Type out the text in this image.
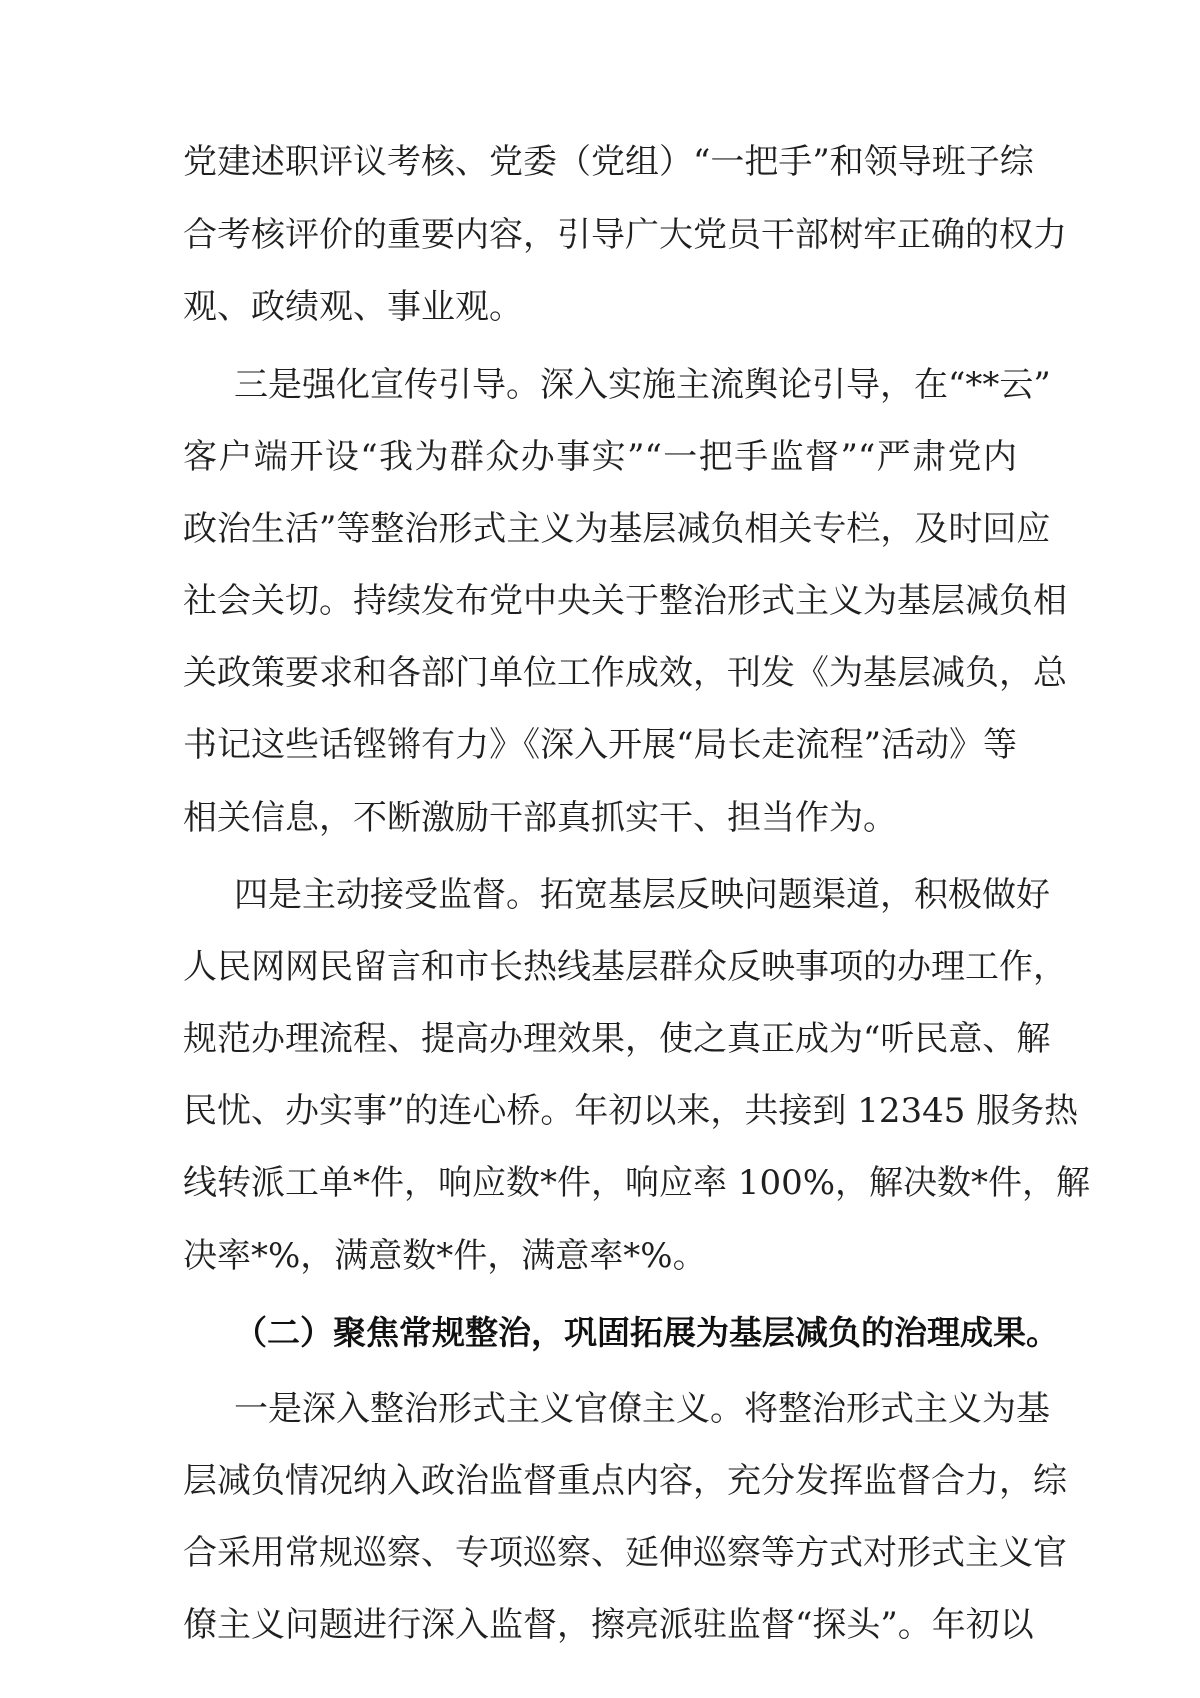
党建述职评议考核、党委（党组）“一把手”和领导班子综
合考核评价的重要内容，引导广大党员干部树牢正确的权力
观、政绩观、事业观。
三是强化宣传引导。深入实施主流舆论引导，在“**云”
客户端开设“我为群众办事实”“一把手监督”“严肃党内
政治生活”等整治形式主义为基层减负相关专栏，及时回应
社会关切。持续发布党中央关于整治形式主义为基层减负相
关政策要求和各部门单位工作成效，刊发《为基层减负，总
书记这些话铿锵有力》《深入开展“局长走流程”活动》等
相关信息，不断激励干部真抓实干、担当作为。
四是主动接受监督。拓宽基层反映问题渠道，积极做好
人民网网民留言和市长热线基层群众反映事项的办理工作，
规范办理流程、提高办理效果，使之真正成为“听民意、解
民忧、办实事”的连心桥。年初以来，共接到 12345 服务热
线转派工单*件，响应数*件，响应率 100%，解决数*件，解
决率*%，满意数*件，满意率*%。
（二）聚焦常规整治，巩固拓展为基层减负的治理成果。
一是深入整治形式主义官僚主义。将整治形式主义为基
层减负情况纳入政治监督重点内容，充分发挥监督合力，综
合采用常规巡察、专项巡察、延伸巡察等方式对形式主义官
僚主义问题进行深入监督，擦亮派驻监督“探头”。年初以
